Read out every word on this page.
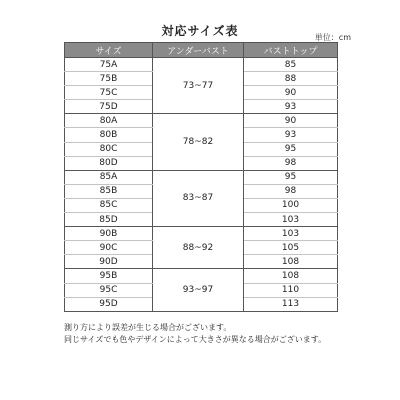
対応サイズ表	単位：cm
サイズ	アンダーバスト	バストトップ
75A	73~77	85
75B		88
75C		90
75D		93
80A	78~82	90
80B		93
80C		95
80D		98
85A	83~87	95
85B		98
85C		100
85D		103
90B	88~92	103
90C		105
90D		108
95B	93~97	108
95C		110
95D		113
測り方により誤差が生じる場合がございます。
同じサイズでも色やデザインによって大きさが異なる場合がございます。
